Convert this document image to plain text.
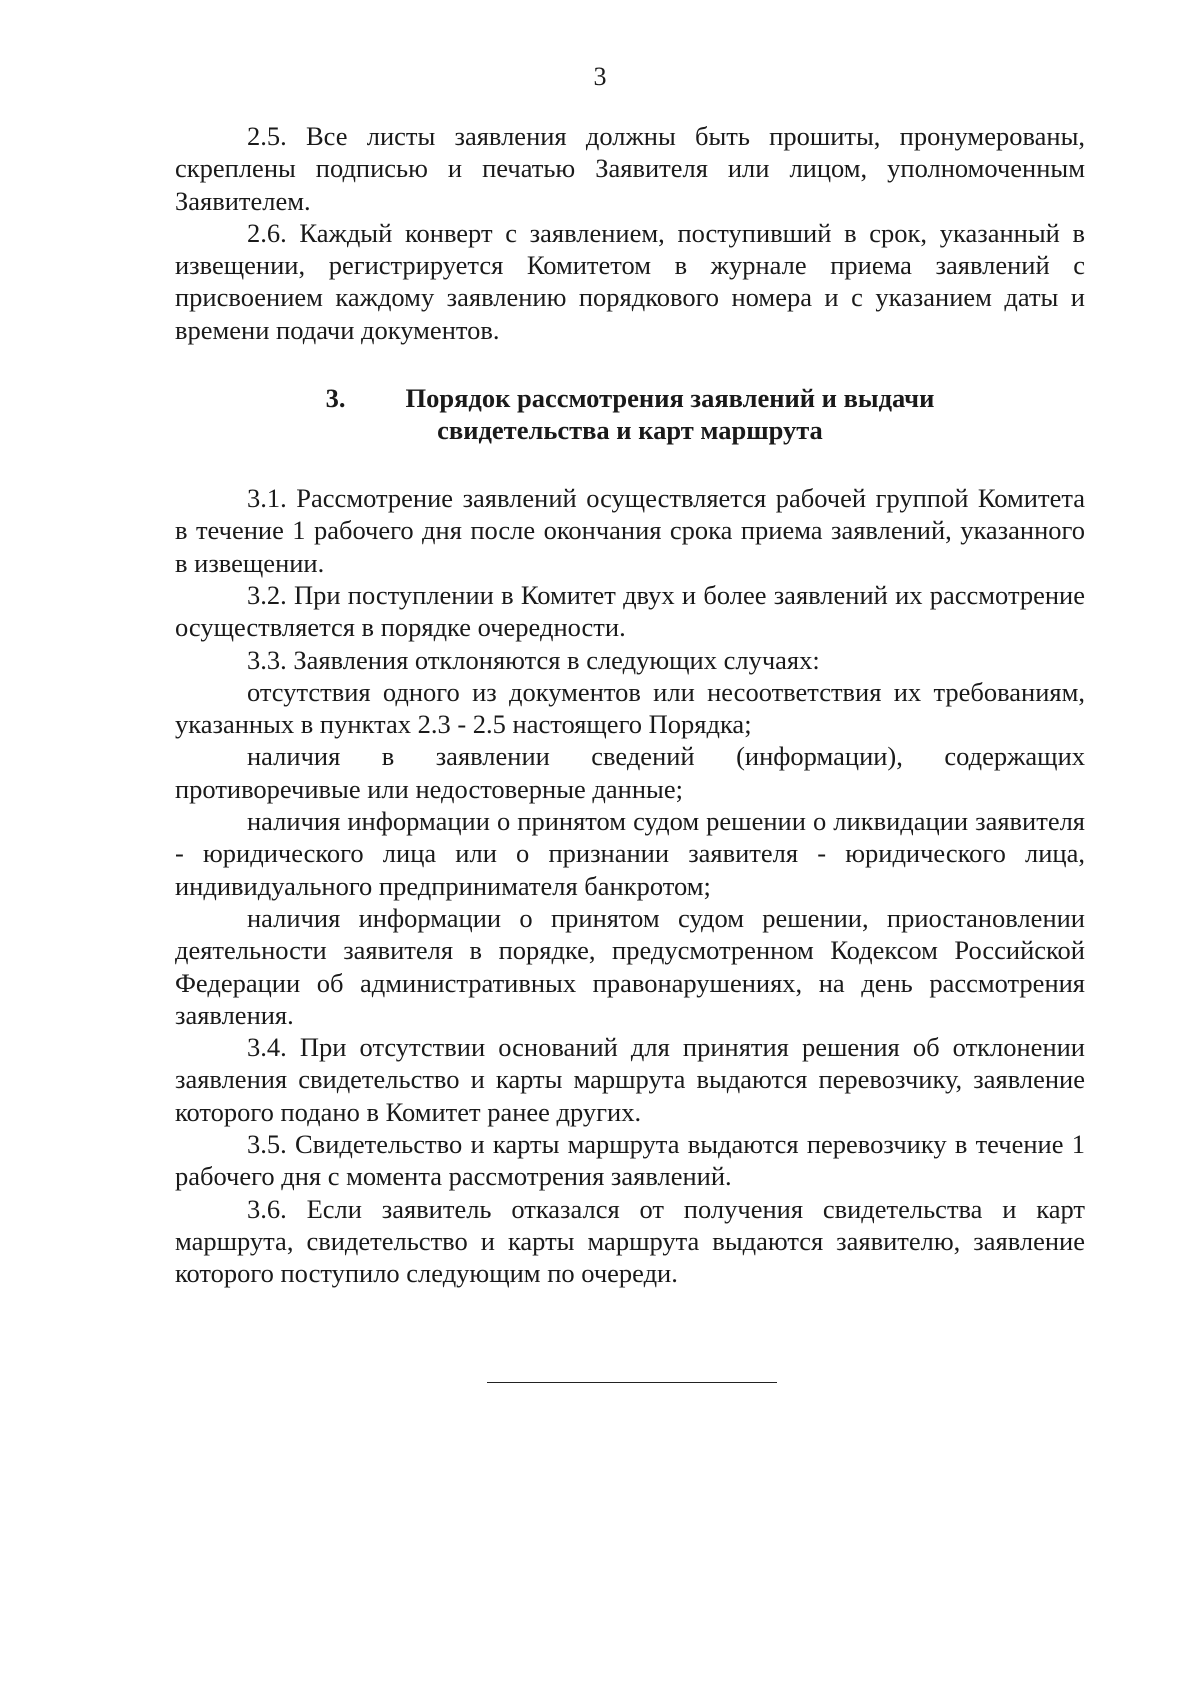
3

2.5. Все листы заявления должны быть прошиты, пронумерованы, скреплены подписью и печатью Заявителя или лицом, уполномоченным Заявителем.

2.6. Каждый конверт с заявлением, поступивший в срок, указанный в извещении, регистрируется Комитетом в журнале приема заявлений с присвоением каждому заявлению порядкового номера и с указанием даты и времени подачи документов.

3. Порядок рассмотрения заявлений и выдачи
свидетельства и карт маршрута

3.1. Рассмотрение заявлений осуществляется рабочей группой Комитета в течение 1 рабочего дня после окончания срока приема заявлений, указанного в извещении.

3.2. При поступлении в Комитет двух и более заявлений их рассмотрение осуществляется в порядке очередности.

3.3. Заявления отклоняются в следующих случаях:

отсутствия одного из документов или несоответствия их требованиям, указанных в пунктах 2.3 - 2.5 настоящего Порядка;

наличия в заявлении сведений (информации), содержащих противоречивые или недостоверные данные;

наличия информации о принятом судом решении о ликвидации заявителя - юридического лица или о признании заявителя - юридического лица, индивидуального предпринимателя банкротом;

наличия информации о принятом судом решении, приостановлении деятельности заявителя в порядке, предусмотренном Кодексом Российской Федерации об административных правонарушениях, на день рассмотрения заявления.

3.4. При отсутствии оснований для принятия решения об отклонении заявления свидетельство и карты маршрута выдаются перевозчику, заявление которого подано в Комитет ранее других.

3.5. Свидетельство и карты маршрута выдаются перевозчику в течение 1 рабочего дня с момента рассмотрения заявлений.

3.6. Если заявитель отказался от получения свидетельства и карт маршрута, свидетельство и карты маршрута выдаются заявителю, заявление которого поступило следующим по очереди.
